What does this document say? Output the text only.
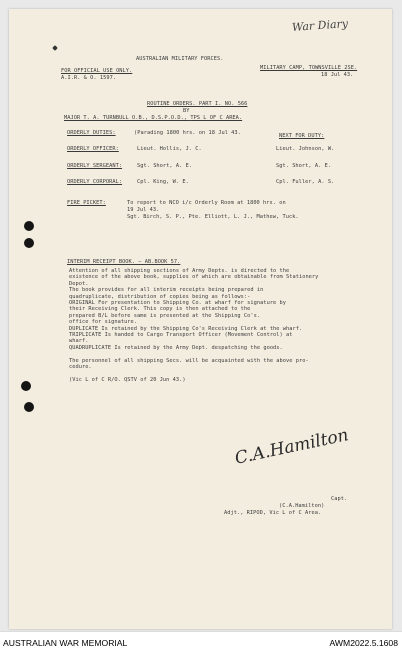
War Diary
AUSTRALIAN MILITARY FORCES.
FOR OFFICIAL USE ONLY.
A.I.R. & O. 1597.
MILITARY CAMP, TOWNSVILLE 2SE.
18 Jul 43.
ROUTINE ORDERS. PART I. NO. 566
BY
MAJOR T. A. TURNBULL O.B., D.S.P.O.D., TPS L OF C AREA.
NEXT FOR DUTY:
ORDERLY DUTIES:	(Parading 1800 hrs. on 18 Jul 43.
ORDERLY OFFICER:	Lieut. Hollis, J. C.	Lieut. Johnson, W.
ORDERLY SERGEANT:	Sgt. Short, A. E.	Sgt. Short, A. E.
ORDERLY CORPORAL:	Cpl. King, W. E.	Cpl. Fuller, A. S.
FIRE PICKET:	To report to NCO i/c Orderly Room at 1800 hrs. on
19 Jul 43.
Sgt. Birch, S. P., Pte. Elliott, L. J., Mathew, Tuck.
INTERIM RECEIPT BOOK. — AB.BOOK 57.
Attention of all shipping sections of Army Depts. is directed to the
existence of the above book, supplies of which are obtainable from Stationery
Depot.
The book provides for all interim receipts being prepared in
quadruplicate, distribution of copies being as follows:-
ORIGINAL For presentation to Shipping Co. at wharf for signature by
their Receiving Clerk. This copy is then attached to the
prepared B/L before same is presented at the Shipping Co's.
office for signature.
DUPLICATE Is retained by the Shipping Co's Receiving Clerk at the wharf.
TRIPLICATE Is handed to Cargo Transport Officer (Movement Control) at
wharf.
QUADRUPLICATE Is retained by the Army Dept. despatching the goods.
The personnel of all shipping Secs. will be acquainted with the above pro-
cedure.
(Vic L of C R/O. QSTV of 20 Jun 43.)
C.A.Hamilton
Capt.
(C.A.Hamilton)
Adjt., RIPOD, Vic L of C Area.
AUSTRALIAN WAR MEMORIAL	AWM2022.5.1608
